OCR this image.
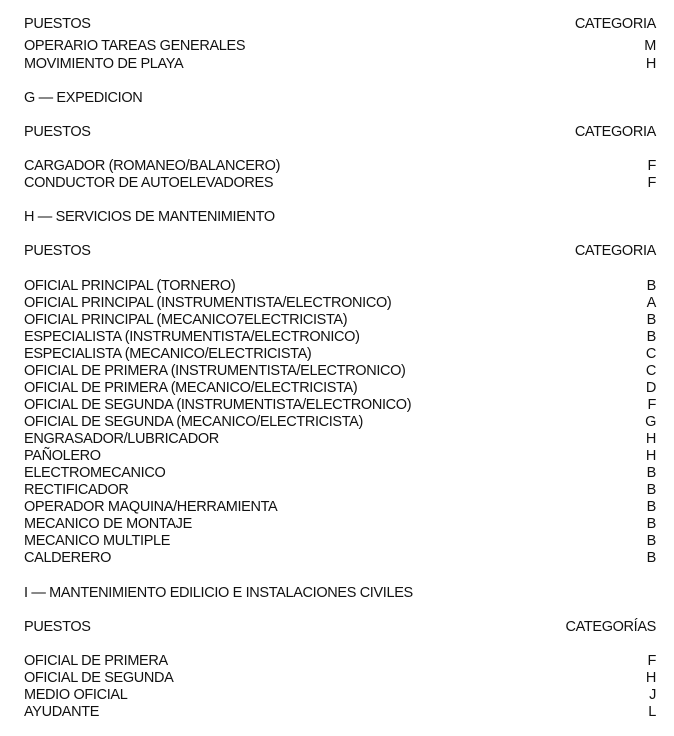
PUESTOS	CATEGORIA
OPERARIO TAREAS GENERALES	M
MOVIMIENTO DE PLAYA	H
G — EXPEDICION
PUESTOS	CATEGORIA
CARGADOR (ROMANEO/BALANCERO)	F
CONDUCTOR DE AUTOELEVADORES	F
H — SERVICIOS DE MANTENIMIENTO
PUESTOS	CATEGORIA
OFICIAL PRINCIPAL (TORNERO)	B
OFICIAL PRINCIPAL (INSTRUMENTISTA/ELECTRONICO)	A
OFICIAL PRINCIPAL (MECANICO7ELECTRICISTA)	B
ESPECIALISTA (INSTRUMENTISTA/ELECTRONICO)	B
ESPECIALISTA (MECANICO/ELECTRICISTA)	C
OFICIAL DE PRIMERA (INSTRUMENTISTA/ELECTRONICO)	C
OFICIAL DE PRIMERA (MECANICO/ELECTRICISTA)	D
OFICIAL DE SEGUNDA (INSTRUMENTISTA/ELECTRONICO)	F
OFICIAL DE SEGUNDA (MECANICO/ELECTRICISTA)	G
ENGRASADOR/LUBRICADOR	H
PAÑOLERO	H
ELECTROMECANICO	B
RECTIFICADOR	B
OPERADOR MAQUINA/HERRAMIENTA	B
MECANICO DE MONTAJE	B
MECANICO MULTIPLE	B
CALDERERO	B
I — MANTENIMIENTO EDILICIO E INSTALACIONES CIVILES
PUESTOS	CATEGORÍAS
OFICIAL DE PRIMERA	F
OFICIAL DE SEGUNDA	H
MEDIO OFICIAL	J
AYUDANTE	L
